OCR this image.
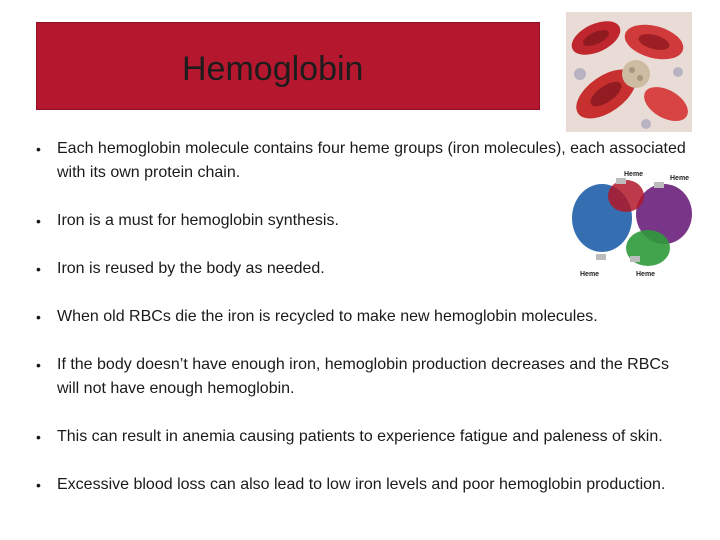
Hemoglobin
Heme
Heme
Heme	Heme
• Each hemoglobin molecule contains four heme groups (iron molecules), each associated with its own protein chain.
• Iron is a must for hemoglobin synthesis.
• Iron is reused by the body as needed.
• When old RBCs die the iron is recycled to make new hemoglobin molecules.
• If the body doesn’t have enough iron, hemoglobin production decreases and the RBCs will not have enough hemoglobin.
• This can result in anemia causing patients to experience fatigue and paleness of skin.
• Excessive blood loss can also lead to low iron levels and poor hemoglobin production.
